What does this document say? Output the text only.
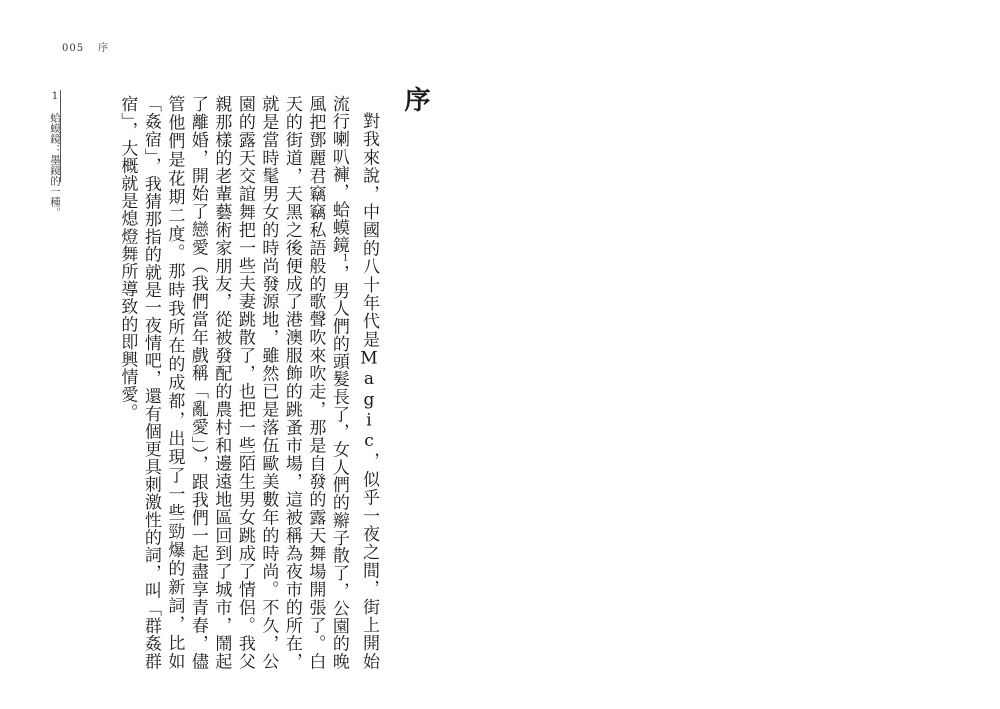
005 序
序

對我來說，中國的八十年代是Magic，似乎一夜之間，街上開始流行喇叭褲，蛤蟆鏡$^1$，男人們的頭髮長了，女人們的辮子散了，公園的晚風把鄧麗君竊竊私語般的歌聲吹來吹走，那是自發的露天舞場開張了。白天的街道，天黑之後便成了港澳服飾的跳蚤市場，這被稱為夜市的所在，就是當時髦男女的時尚發源地，雖然已是落伍歐美數年的時尚。不久，公園的露天交誼舞把一些夫妻跳散了，也把一些陌生男女跳成了情侶。我父親那樣的老輩藝術家朋友，從被發配的農村和邊遠地區回到了城市，鬧起了離婚，開始了戀愛（我們當年戲稱「亂愛」），跟我們一起盡享青春，儘管他們是花期二度。那時我所在的成都，出現了一些勁爆的新詞，比如「姦宿」，我猜那指的就是一夜情吧，還有個更具刺激性的詞，叫「群姦群宿」，大概就是熄燈舞所導致的即興情愛。

1　蛤蟆鏡：墨鏡的一種。
